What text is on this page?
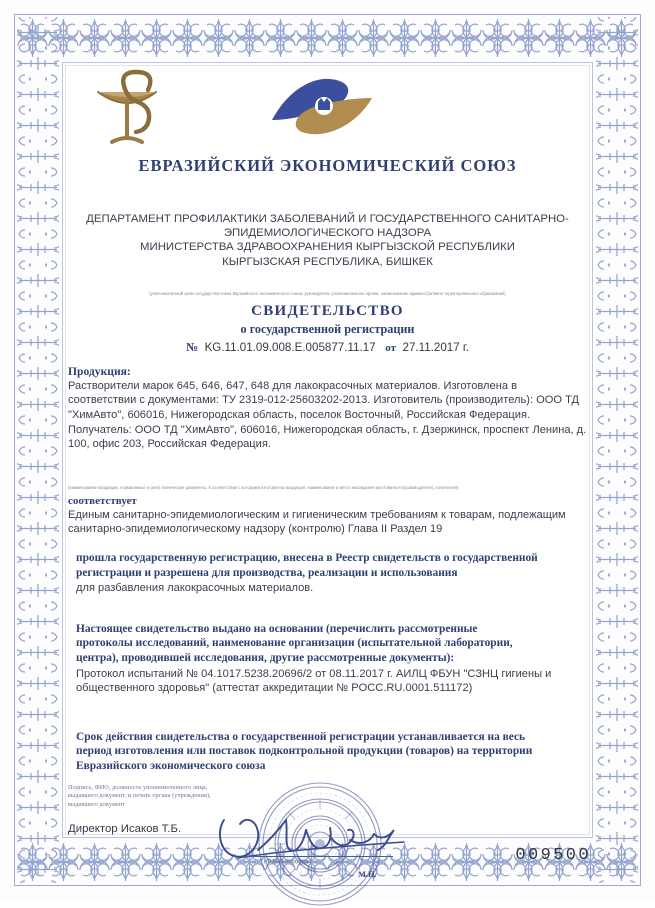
ЕВРАЗИЙСКИЙ ЭКОНОМИЧЕСКИЙ СОЮЗ
ДЕПАРТАМЕНТ ПРОФИЛАКТИКИ ЗАБОЛЕВАНИЙ И ГОСУДАРСТВЕННОГО САНИТАРНО-
ЭПИДЕМИОЛОГИЧЕСКОГО НАДЗОРА
МИНИСТЕРСТВА ЗДРАВООХРАНЕНИЯ КЫРГЫЗСКОЙ РЕСПУБЛИКИ
КЫРГЫЗСКАЯ РЕСПУБЛИКА, БИШКЕК
(уполномоченный орган государства-члена Евразийского экономического союза, руководитель уполномоченного органа, наименование административно-территориального образования)
СВИДЕТЕЛЬСТВО
о государственной регистрации
№ KG.11.01.09.008.E.005877.11.17 от 27.11.2017 г.
Продукция:
Растворители марок 645, 646, 647, 648 для лакокрасочных материалов. Изготовлена в соответствии с документами: ТУ 2319-012-25603202-2013. Изготовитель (производитель): ООО ТД "ХимАвто", 606016, Нижегородская область, поселок Восточный, Российская Федерация. Получатель: ООО ТД "ХимАвто", 606016, Нижегородская область, г. Дзержинск, проспект Ленина, д. 100, офис 203, Российская Федерация.
(наименование продукции, нормативные и (или) технические документы, в соответствии с которыми изготовлена продукция, наименование и место нахождения изготовителя (производителя), получателя)
соответствует
Единым санитарно-эпидемиологическим и гигиеническим требованиям к товарам, подлежащим санитарно-эпидемиологическому надзору (контролю) Глава II Раздел 19
прошла государственную регистрацию, внесена в Реестр свидетельств о государственной
регистрации и разрешена для производства, реализации и использования
для разбавления лакокрасочных материалов.
Настоящее свидетельство выдано на основании (перечислить рассмотренные
протоколы исследований, наименование организации (испытательной лаборатории,
центра), проводившей исследования, другие рассмотренные документы):
Протокол испытаний № 04.1017.5238.20696/2 от 08.11.2017 г. АИЛЦ ФБУН "СЗНЦ гигиены и общественного здоровья" (аттестат аккредитации № POCC.RU.0001.511172)
Срок действия свидетельства о государственной регистрации устанавливается на весь
период изготовления или поставок подконтрольной продукции (товаров) на территории
Евразийского экономического союза
Подпись, ФИО, должность уполномоченного лица,
выдавшего документ, и печать органа (учреждения),
выдавшего документ
Директор Исаков Т.Б.
(Ф.И.О./подпись)
М.П.
009500
